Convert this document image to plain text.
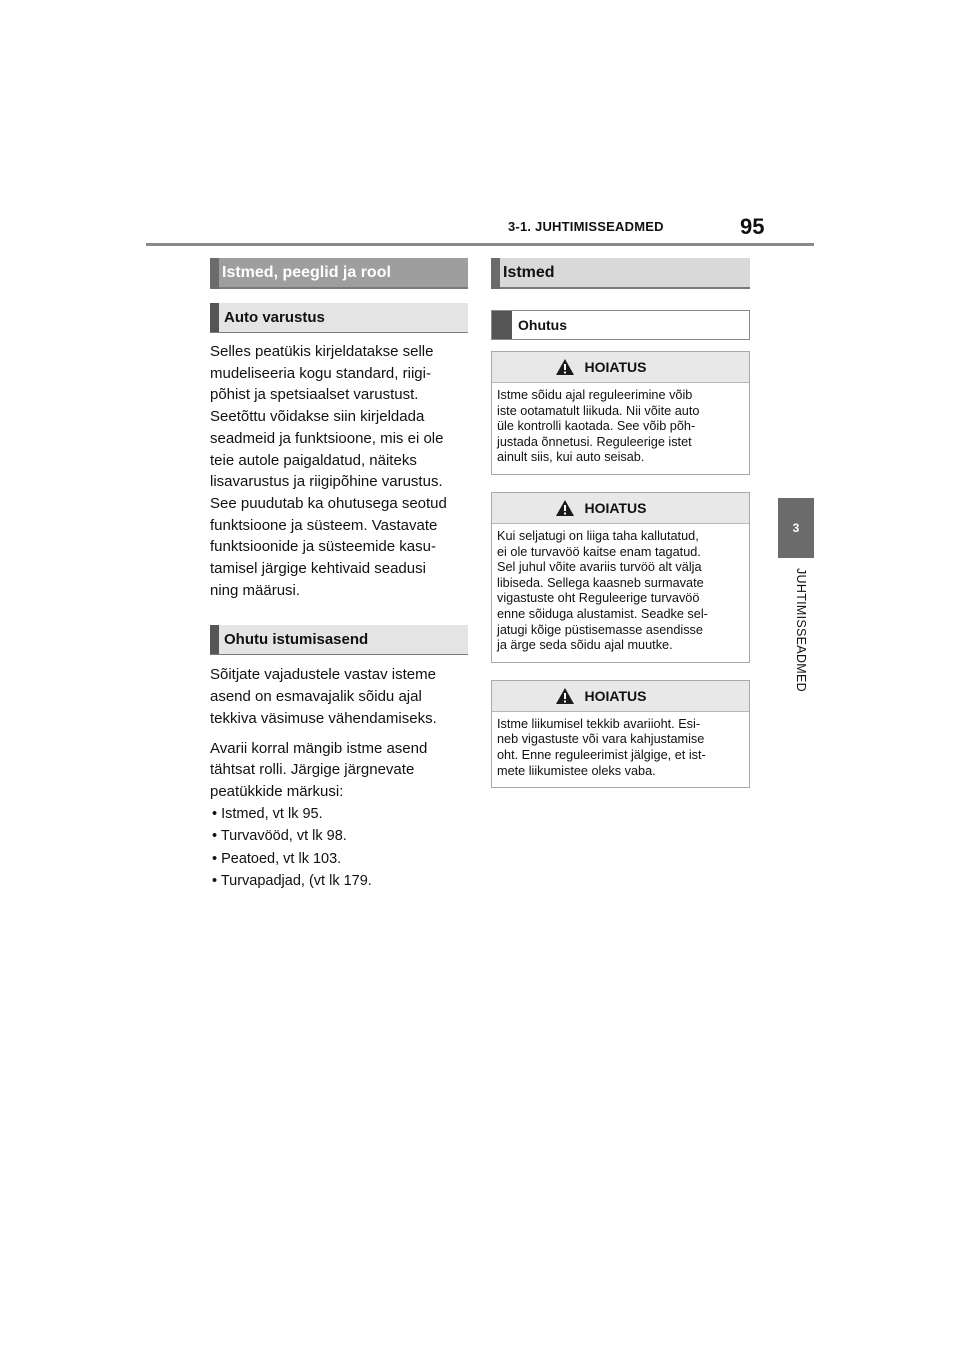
3-1. JUHTIMISSEADMED	95
3
JUHTIMISSEADMED
Istmed, peeglid ja rool
Auto varustus

Selles peatükis kirjeldatakse selle

mudeliseeria kogu standard, riigi-

põhist ja spetsiaalset varustust.

Seetõttu võidakse siin kirjeldada

seadmeid ja funktsioone, mis ei ole

teie autole paigaldatud, näiteks

lisavarustus ja riigipõhine varustus.

See puudutab ka ohutusega seotud

funktsioone ja süsteem. Vastavate

funktsioonide ja süsteemide kasu-

tamisel järgige kehtivaid seadusi

ning määrusi.

Ohutu istumisasend

Sõitjate vajadustele vastav isteme

asend on esmavajalik sõidu ajal

tekkiva väsimuse vähendamiseks.

Avarii korral mängib istme asend

tähtsat rolli. Järgige järgnevate

peatükkide märkusi:

• Istmed, vt lk 95.

• Turvavööd, vt lk 98.

• Peatoed, vt lk 103.

• Turvapadjad, (vt lk 179.

Istmed
Ohutus
HOIATUS
Istme sõidu ajal reguleerimine võib
iste ootamatult liikuda. Nii võite auto
üle kontrolli kaotada. See võib põh-
justada õnnetusi. Reguleerige istet
ainult siis, kui auto seisab.
HOIATUS
Kui seljatugi on liiga taha kallutatud,
ei ole turvavöö kaitse enam tagatud.
Sel juhul võite avariis turvöö alt välja
libiseda. Sellega kaasneb surmavate
vigastuste oht Reguleerige turvavöö
enne sõiduga alustamist. Seadke sel-
jatugi kõige püstisemasse asendisse
ja ärge seda sõidu ajal muutke.
HOIATUS
Istme liikumisel tekkib avariioht. Esi-
neb vigastuste või vara kahjustamise
oht. Enne reguleerimist jälgige, et ist-
mete liikumistee oleks vaba.
